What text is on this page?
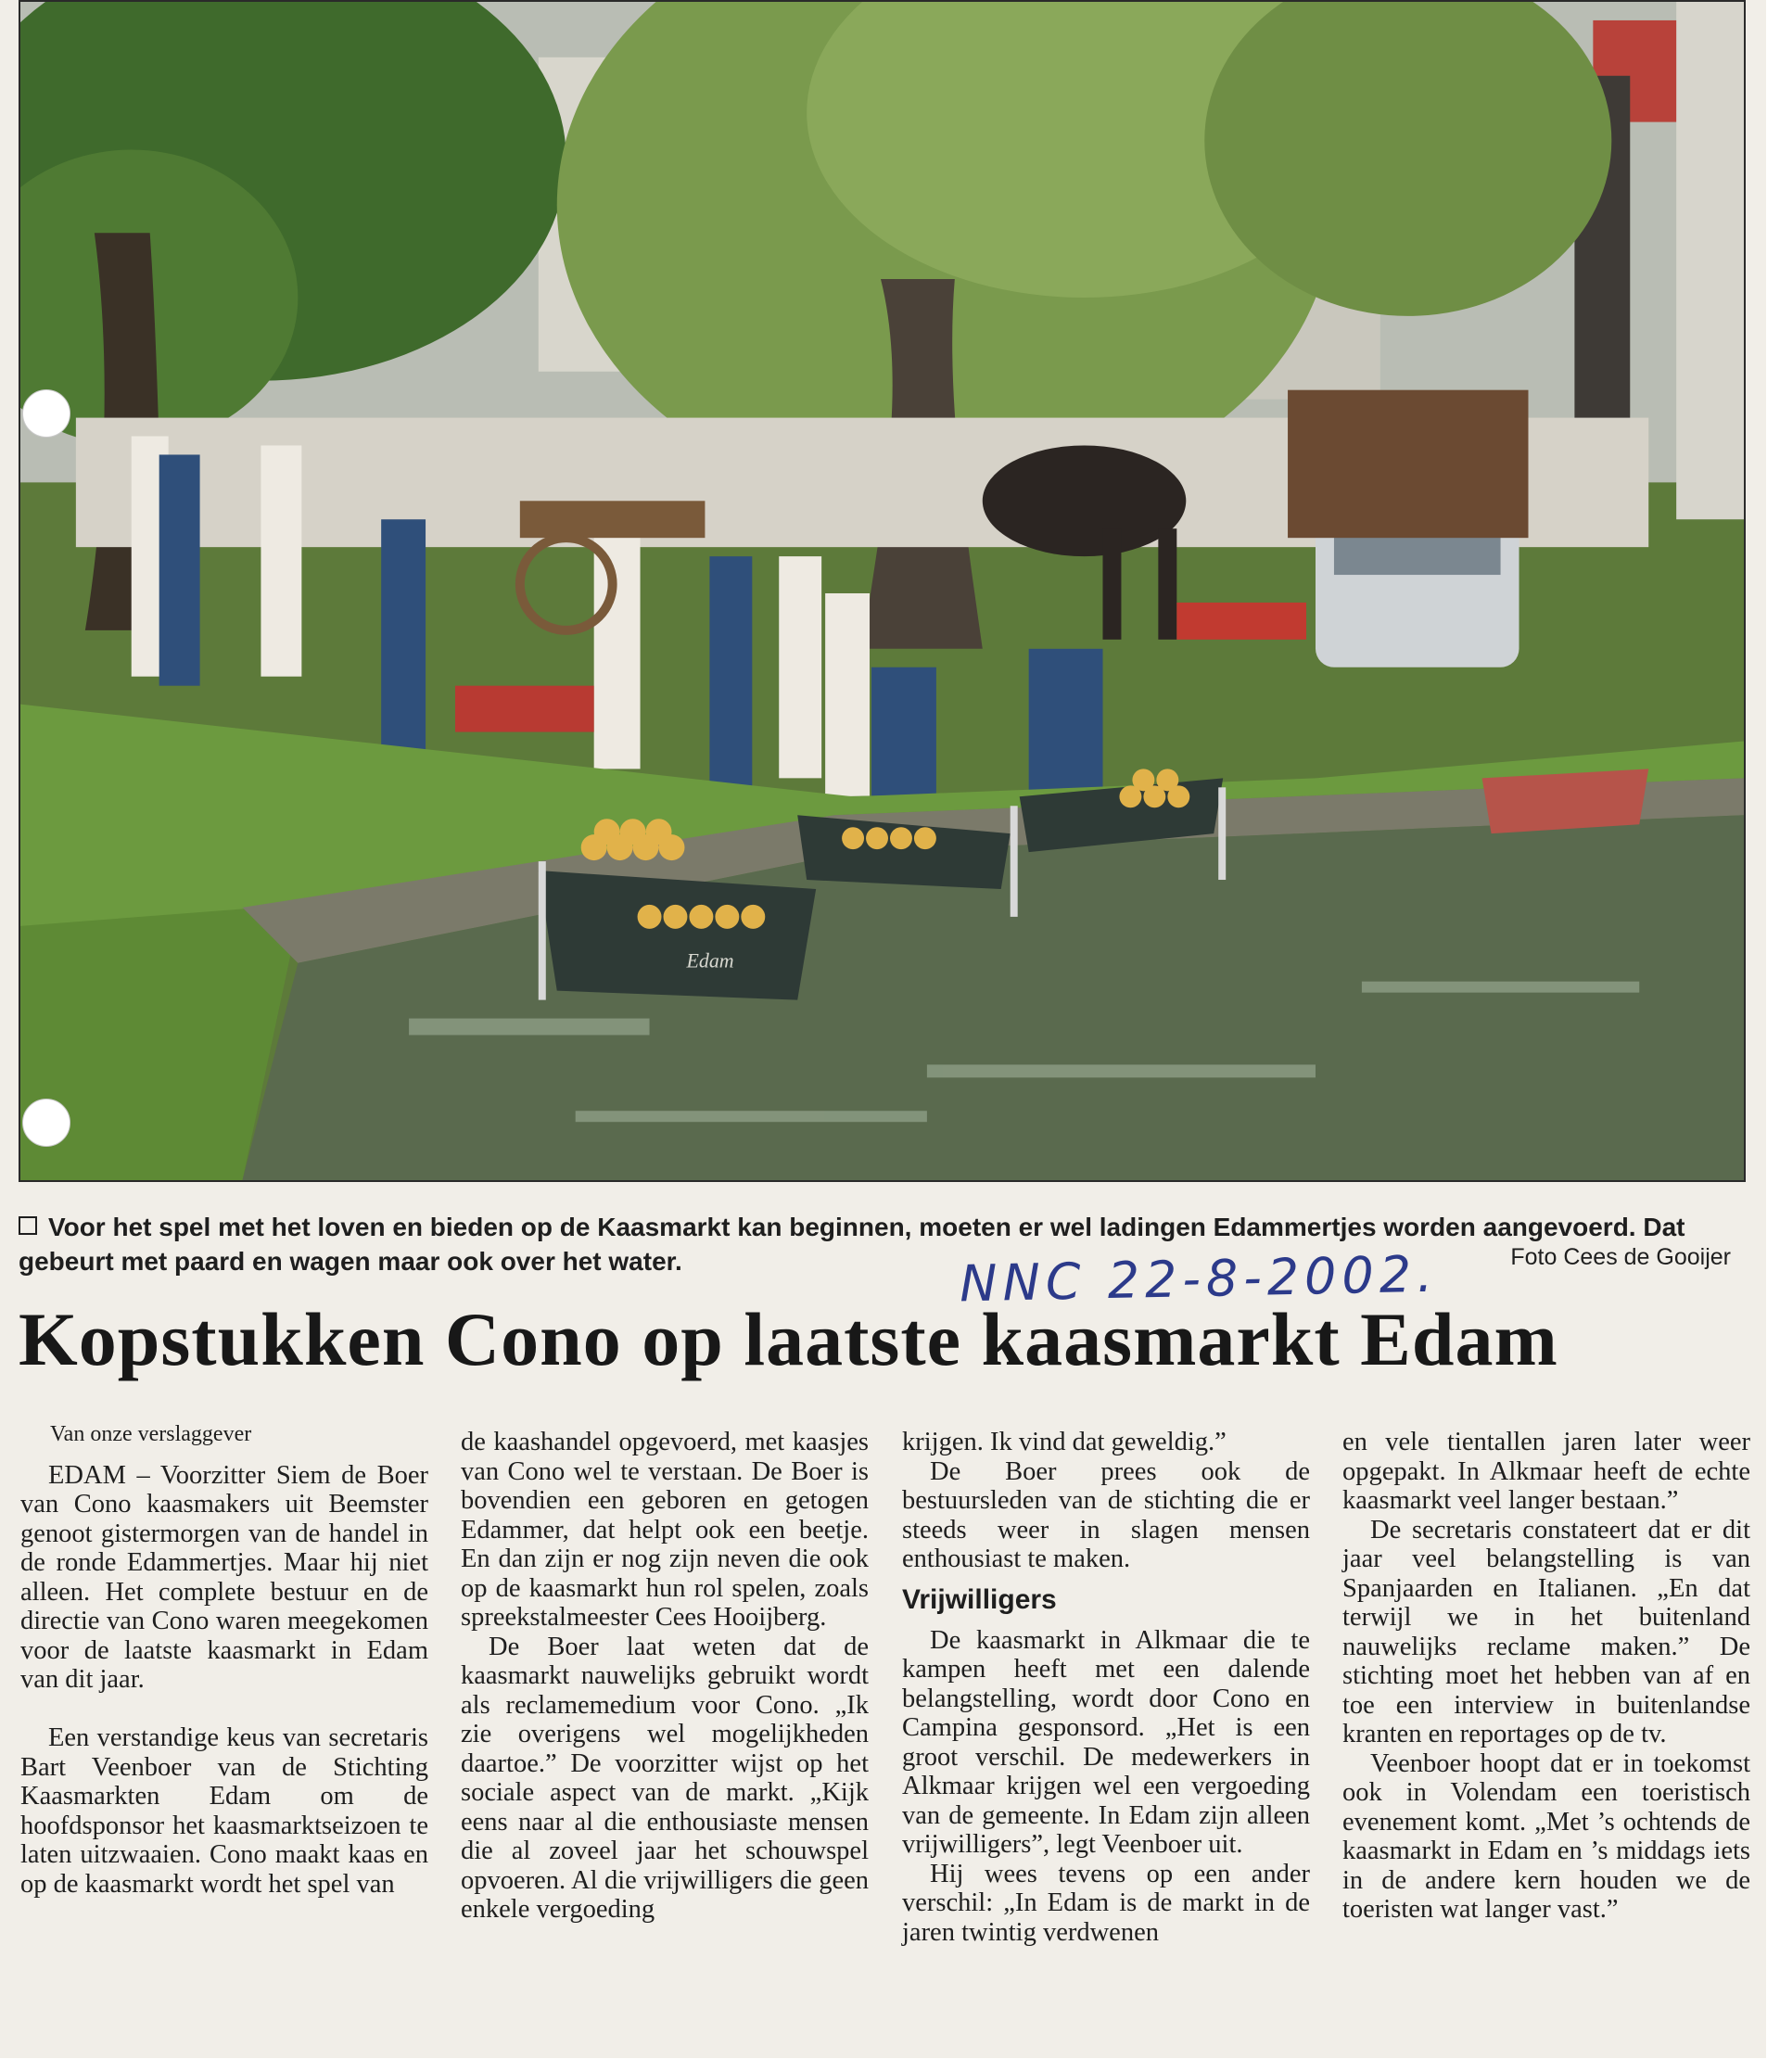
Edam
Voor het spel met het loven en bieden op de Kaasmarkt kan beginnen, moeten er wel ladingen Edammertjes worden aangevoerd. Dat gebeurt met paard en wagen maar ook over het water.	Foto Cees de Gooijer
NNC 22-8-2002.
Kopstukken Cono op laatste kaasmarkt Edam
Van onze verslaggever

EDAM – Voorzitter Siem de Boer van Cono kaasmakers uit Beemster genoot gistermorgen van de handel in de ronde Edammertjes. Maar hij niet alleen. Het complete bestuur en de directie van Cono waren meegekomen voor de laatste kaasmarkt in Edam van dit jaar.

Een verstandige keus van secretaris Bart Veenboer van de Stichting Kaasmarkten Edam om de hoofdsponsor het kaasmarktseizoen te laten uitzwaaien. Cono maakt kaas en op de kaasmarkt wordt het spel van

de kaashandel opgevoerd, met kaasjes van Cono wel te verstaan. De Boer is bovendien een geboren en getogen Edammer, dat helpt ook een beetje. En dan zijn er nog zijn neven die ook op de kaasmarkt hun rol spelen, zoals spreekstalmeester Cees Hooijberg.

De Boer laat weten dat de kaasmarkt nauwelijks gebruikt wordt als reclamemedium voor Cono. „Ik zie overigens wel mogelijkheden daartoe.” De voorzitter wijst op het sociale aspect van de markt. „Kijk eens naar al die enthousiaste mensen die al zoveel jaar het schouwspel opvoeren. Al die vrijwilligers die geen enkele vergoeding

krijgen. Ik vind dat geweldig.”

De Boer prees ook de bestuursleden van de stichting die er steeds weer in slagen mensen enthousiast te maken.

Vrijwilligers

De kaasmarkt in Alkmaar die te kampen heeft met een dalende belangstelling, wordt door Cono en Campina gesponsord. „Het is een groot verschil. De medewerkers in Alkmaar krijgen wel een vergoeding van de gemeente. In Edam zijn alleen vrijwilligers”, legt Veenboer uit.

Hij wees tevens op een ander verschil: „In Edam is de markt in de jaren twintig verdwenen

en vele tientallen jaren later weer opgepakt. In Alkmaar heeft de echte kaasmarkt veel langer bestaan.”

De secretaris constateert dat er dit jaar veel belangstelling is van Spanjaarden en Italianen. „En dat terwijl we in het buitenland nauwelijks reclame maken.” De stichting moet het hebben van af en toe een interview in buitenlandse kranten en reportages op de tv.

Veenboer hoopt dat er in toekomst ook in Volendam een toeristisch evenement komt. „Met ’s ochtends de kaasmarkt in Edam en ’s middags iets in de andere kern houden we de toeristen wat langer vast.”
